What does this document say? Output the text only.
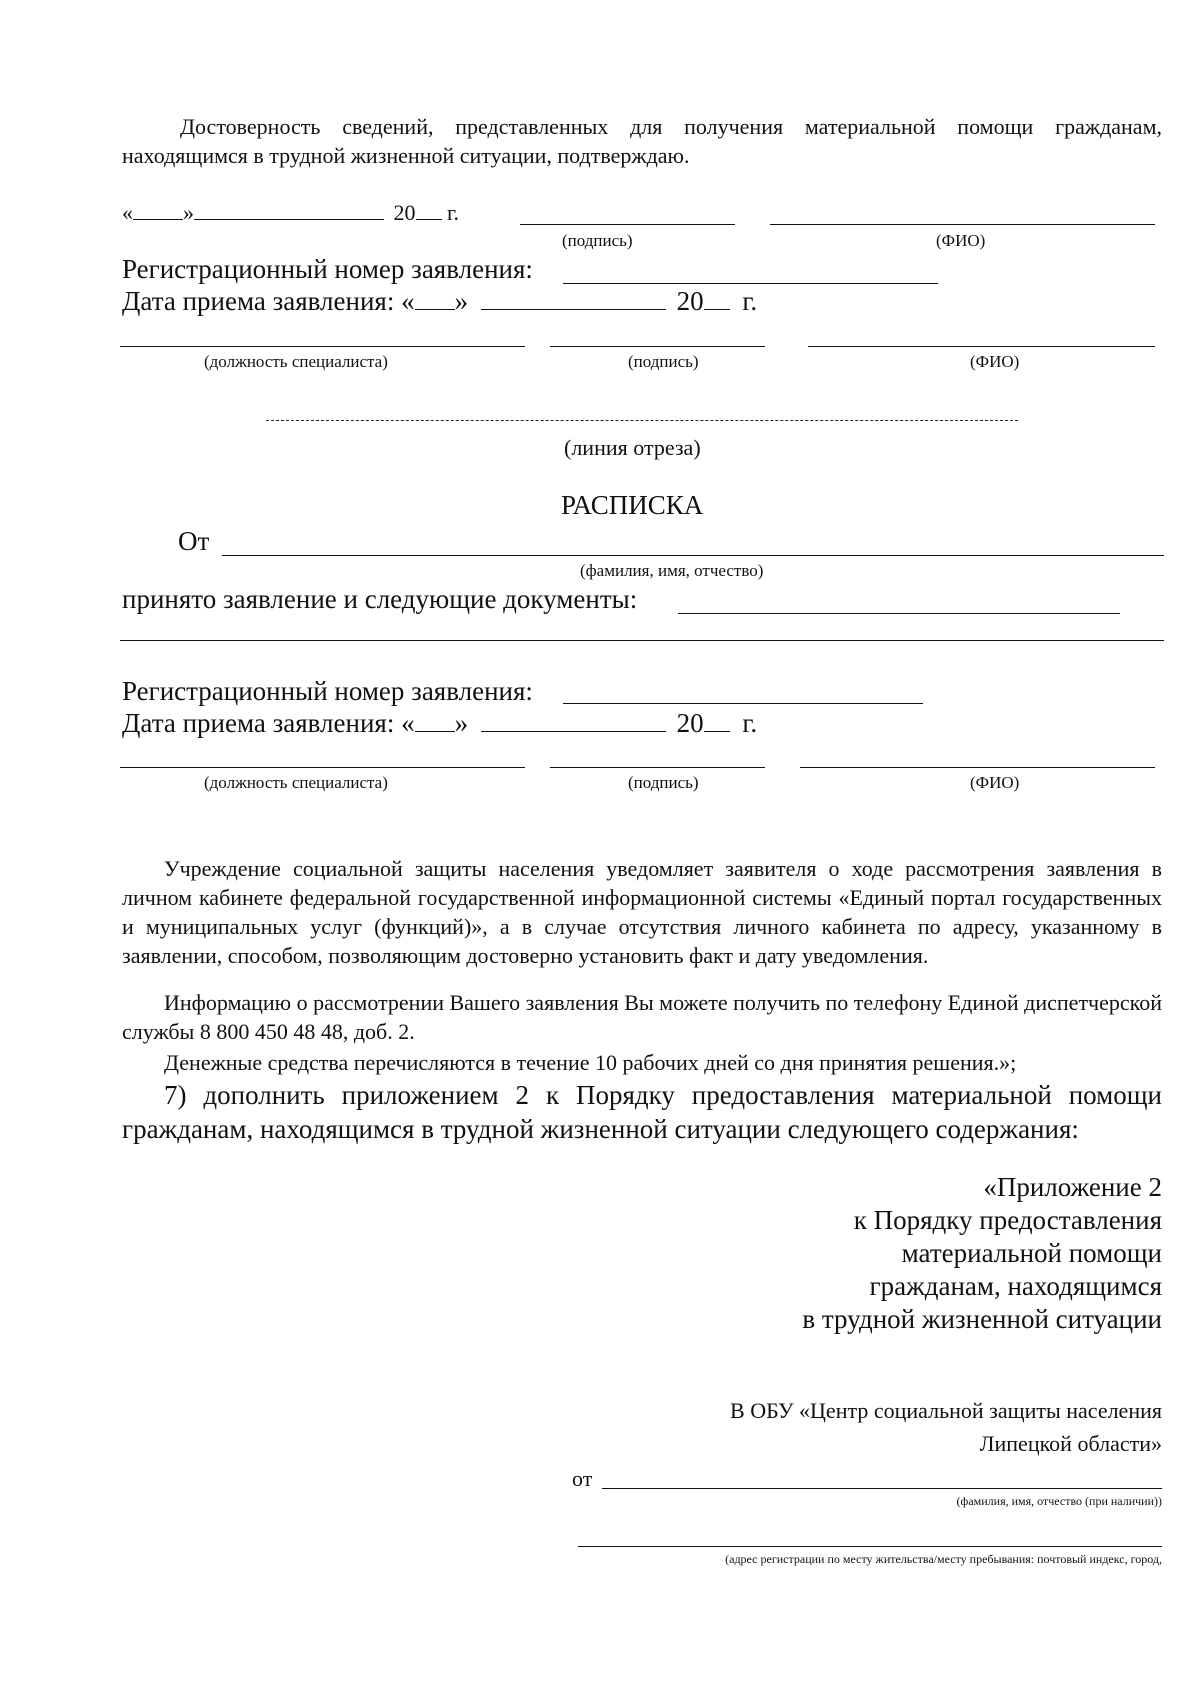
Достоверность сведений, представленных для получения материальной помощи гражданам, находящимся в трудной жизненной ситуации, подтверждаю.
« »	20 г.
(подпись)	(ФИО)
Регистрационный номер заявления:
Дата приема заявления: « »	20 г.
(должность специалиста)	(подпись)	(ФИО)
(линия отреза)
РАСПИСКА
От
(фамилия, имя, отчество)
принято заявление и следующие документы:
Регистрационный номер заявления:
Дата приема заявления: « »	20 г.
(должность специалиста)	(подпись)	(ФИО)
Учреждение социальной защиты населения уведомляет заявителя о ходе рассмотрения заявления в личном кабинете федеральной государственной информационной системы «Единый портал государственных и муниципальных услуг (функций)», а в случае отсутствия личного кабинета по адресу, указанному в заявлении, способом, позволяющим достоверно установить факт и дату уведомления.
Информацию о рассмотрении Вашего заявления Вы можете получить по телефону Единой диспетчерской службы 8 800 450 48 48, доб. 2.
Денежные средства перечисляются в течение 10 рабочих дней со дня принятия решения.»;
7) дополнить приложением 2 к Порядку предоставления материальной помощи гражданам, находящимся в трудной жизненной ситуации следующего содержания:
«Приложение 2
к Порядку предоставления
материальной помощи
гражданам, находящимся
в трудной жизненной ситуации
В ОБУ «Центр социальной защиты населения
Липецкой области»
от
(фамилия, имя, отчество (при наличии))
(адрес регистрации по месту жительства/месту пребывания: почтовый индекс, город,
